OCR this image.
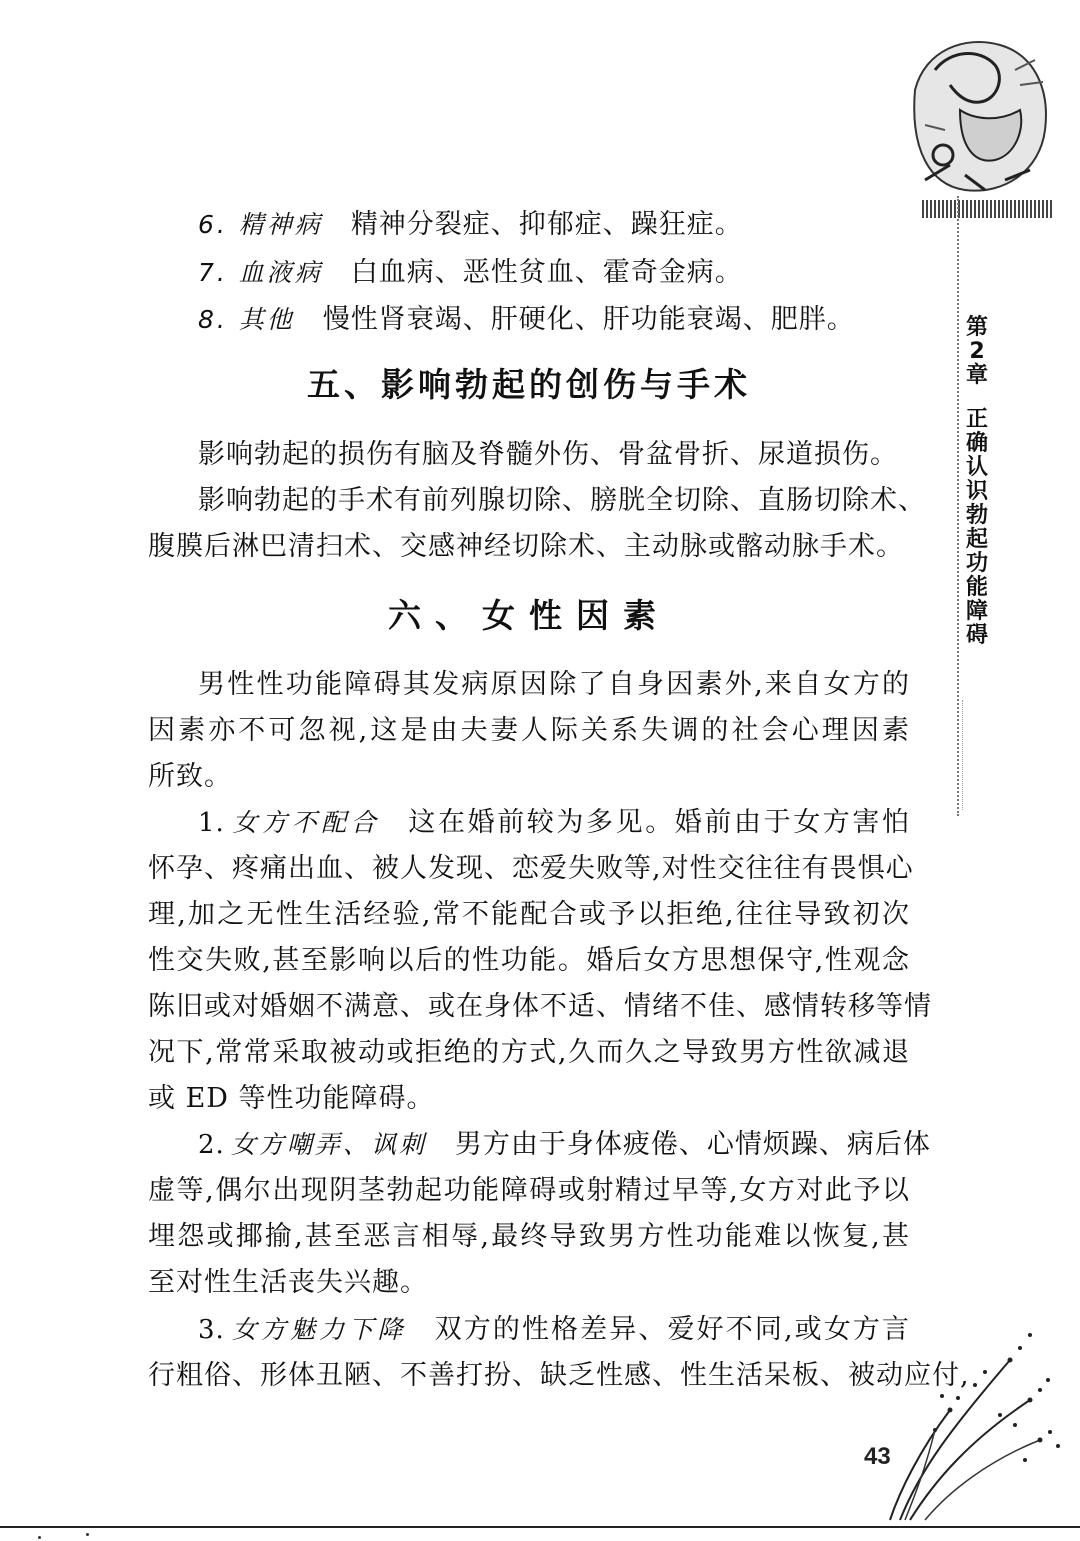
第2章
正确认识勃起功能障碍
6. 精神病 精神分裂症、抑郁症、躁狂症。
7. 血液病 白血病、恶性贫血、霍奇金病。
8. 其他 慢性肾衰竭、肝硬化、肝功能衰竭、肥胖。
五、影响勃起的创伤与手术
影响勃起的损伤有脑及脊髓外伤、骨盆骨折、尿道损伤。
影响勃起的手术有前列腺切除、膀胱全切除、直肠切除术、
腹膜后淋巴清扫术、交感神经切除术、主动脉或髂动脉手术。
六、女性因素
男性性功能障碍其发病原因除了自身因素外,来自女方的
因素亦不可忽视,这是由夫妻人际关系失调的社会心理因素
所致。
1. 女方不配合 这在婚前较为多见。婚前由于女方害怕
怀孕、疼痛出血、被人发现、恋爱失败等,对性交往往有畏惧心
理,加之无性生活经验,常不能配合或予以拒绝,往往导致初次
性交失败,甚至影响以后的性功能。婚后女方思想保守,性观念
陈旧或对婚姻不满意、或在身体不适、情绪不佳、感情转移等情
况下,常常采取被动或拒绝的方式,久而久之导致男方性欲减退
或 ED 等性功能障碍。
2. 女方嘲弄、讽刺 男方由于身体疲倦、心情烦躁、病后体
虚等,偶尔出现阴茎勃起功能障碍或射精过早等,女方对此予以
埋怨或揶揄,甚至恶言相辱,最终导致男方性功能难以恢复,甚
至对性生活丧失兴趣。
3. 女方魅力下降 双方的性格差异、爱好不同,或女方言
行粗俗、形体丑陋、不善打扮、缺乏性感、性生活呆板、被动应付,
43
